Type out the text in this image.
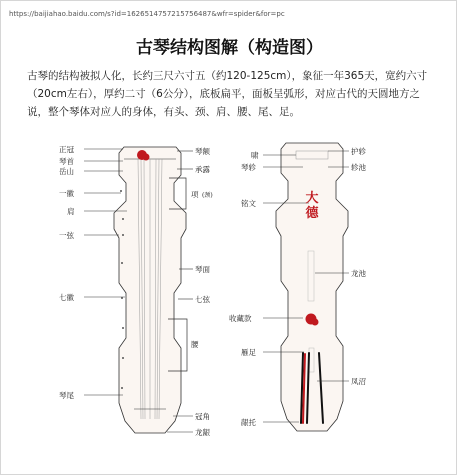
https://baijiahao.baidu.com/s?id=1626514757215756487&wfr=spider&for=pc
古琴结构图解（构造图）
古琴的结构被拟人化，长约三尺六寸五（约120-125cm），象征一年365天，宽约六寸（20cm左右），厚约二寸（6公分），底板扁平，面板呈弧形，对应古代的天圆地方之说，整个琴体对应人的身体，有头、颈、肩、腰、尾、足。
正冠
琴首
岳山
一徽
肩
一弦
七徽
琴尾
琴额
承露
项 (颈)
琴面
七弦
腰
冠角
龙龈
啸
琴轸
铭文
收藏款
雁足
龈托
护轸
轸池
龙池
凤沼
大
德
